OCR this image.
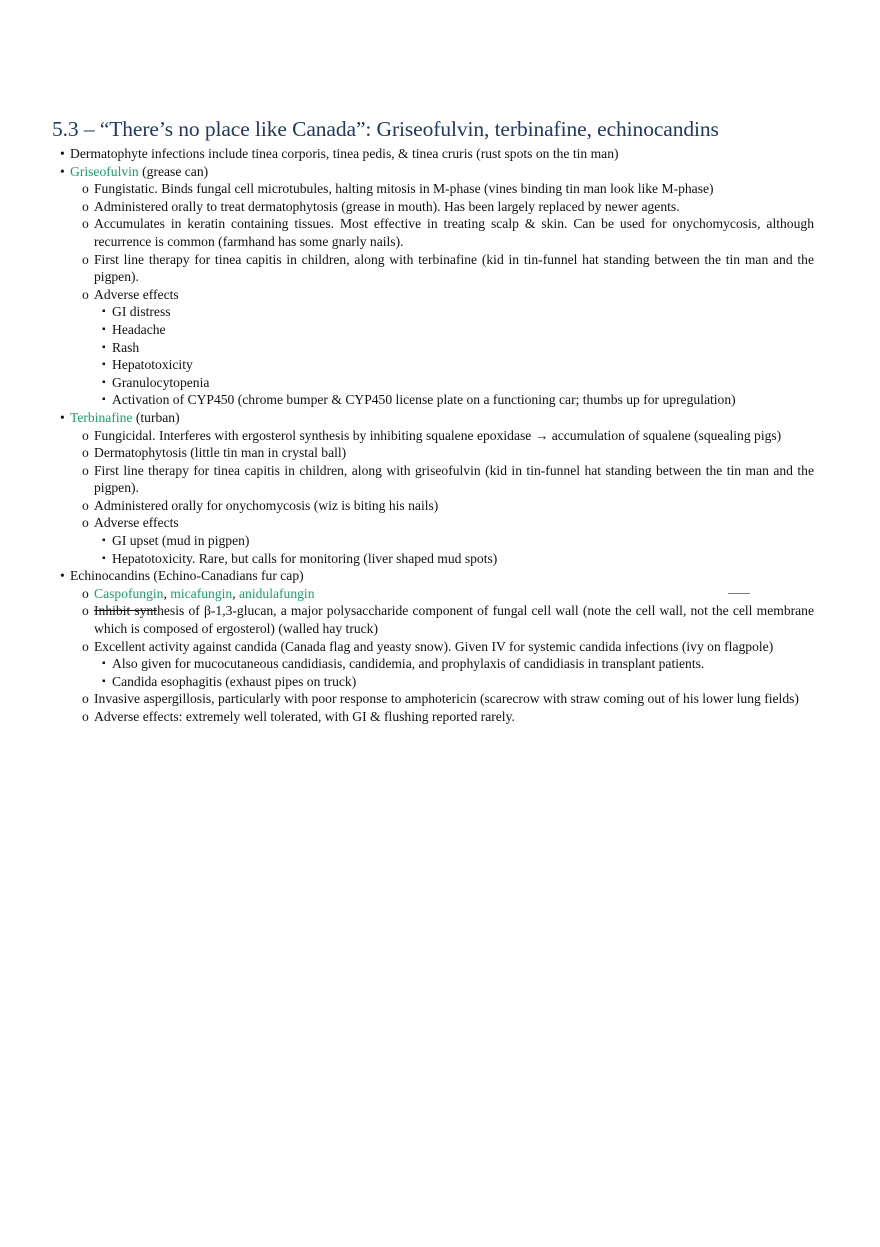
5.3 – “There’s no place like Canada”: Griseofulvin, terbinafine, echinocandins
• Dermatophyte infections include tinea corporis, tinea pedis, & tinea cruris (rust spots on the tin man)
• Griseofulvin (grease can)
o Fungistatic. Binds fungal cell microtubules, halting mitosis in M-phase (vines binding tin man look like M-phase)
o Administered orally to treat dermatophytosis (grease in mouth). Has been largely replaced by newer agents.
o Accumulates in keratin containing tissues. Most effective in treating scalp & skin. Can be used for onychomycosis, although recurrence is common (farmhand has some gnarly nails).
o First line therapy for tinea capitis in children, along with terbinafine (kid in tin-funnel hat standing between the tin man and the pigpen).
o Adverse effects
▪ GI distress
▪ Headache
▪ Rash
▪ Hepatotoxicity
▪ Granulocytopenia
▪ Activation of CYP450 (chrome bumper & CYP450 license plate on a functioning car; thumbs up for upregulation)
• Terbinafine (turban)
o Fungicidal. Interferes with ergosterol synthesis by inhibiting squalene epoxidase → accumulation of squalene (squealing pigs)
o Dermatophytosis (little tin man in crystal ball)
o First line therapy for tinea capitis in children, along with griseofulvin (kid in tin-funnel hat standing between the tin man and the pigpen).
o Administered orally for onychomycosis (wiz is biting his nails)
o Adverse effects
▪ GI upset (mud in pigpen)
▪ Hepatotoxicity. Rare, but calls for monitoring (liver shaped mud spots)
• Echinocandins (Echino-Canadians fur cap)
o Caspofungin, micafungin, anidulafungin
o Inhibit synthesis of β-1,3-glucan, a major polysaccharide component of fungal cell wall (note the cell wall, not the cell membrane which is composed of ergosterol) (walled hay truck)
o Excellent activity against candida (Canada flag and yeasty snow). Given IV for systemic candida infections (ivy on flagpole)
▪ Also given for mucocutaneous candidiasis, candidemia, and prophylaxis of candidiasis in transplant patients.
▪ Candida esophagitis (exhaust pipes on truck)
o Invasive aspergillosis, particularly with poor response to amphotericin (scarecrow with straw coming out of his lower lung fields)
o Adverse effects: extremely well tolerated, with GI & flushing reported rarely.
